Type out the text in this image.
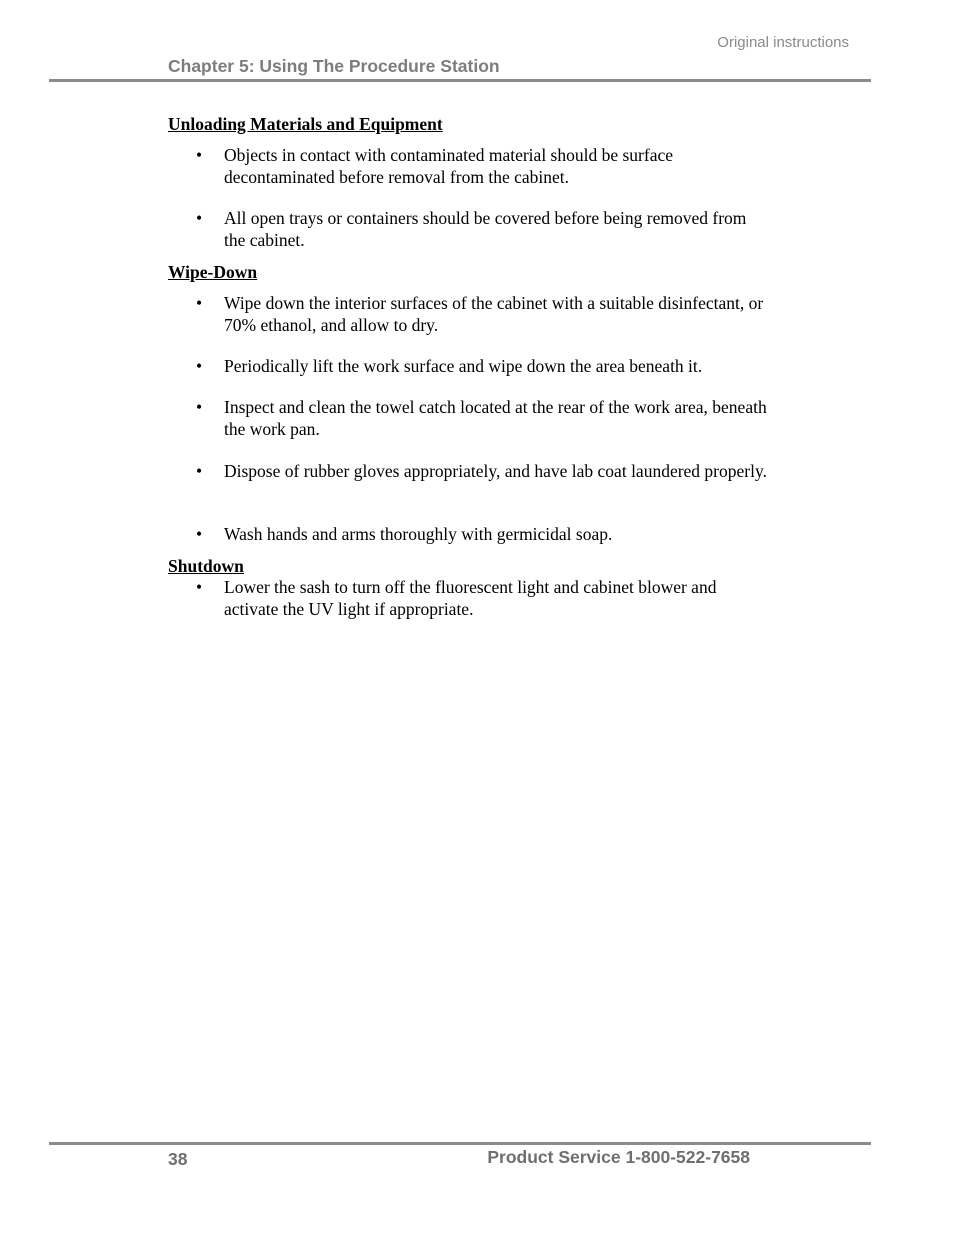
Original instructions
Chapter 5: Using The Procedure Station
Unloading Materials and Equipment
•	Objects in contact with contaminated material should be surface decontaminated before removal from the cabinet.
•	All open trays or containers should be covered before being removed from the cabinet.
Wipe-Down
•	Wipe down the interior surfaces of the cabinet with a suitable disinfectant, or 70% ethanol, and allow to dry.
•	Periodically lift the work surface and wipe down the area beneath it.
•	Inspect and clean the towel catch located at the rear of the work area, beneath the work pan.
•	Dispose of rubber gloves appropriately, and have lab coat laundered properly.
•	Wash hands and arms thoroughly with germicidal soap.
Shutdown
•	Lower the sash to turn off the fluorescent light and cabinet blower and activate the UV light if appropriate.
38	Product Service 1-800-522-7658
